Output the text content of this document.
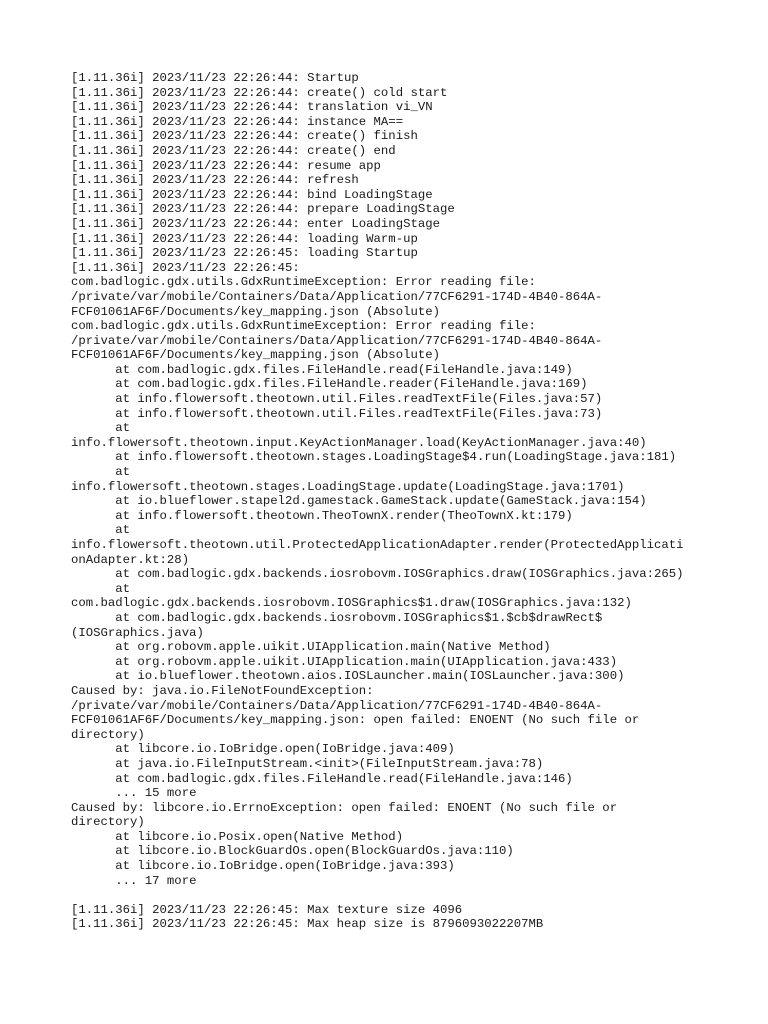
[1.11.36i] 2023/11/23 22:26:44: Startup
[1.11.36i] 2023/11/23 22:26:44: create() cold start
[1.11.36i] 2023/11/23 22:26:44: translation vi_VN
[1.11.36i] 2023/11/23 22:26:44: instance MA==
[1.11.36i] 2023/11/23 22:26:44: create() finish
[1.11.36i] 2023/11/23 22:26:44: create() end
[1.11.36i] 2023/11/23 22:26:44: resume app
[1.11.36i] 2023/11/23 22:26:44: refresh
[1.11.36i] 2023/11/23 22:26:44: bind LoadingStage
[1.11.36i] 2023/11/23 22:26:44: prepare LoadingStage
[1.11.36i] 2023/11/23 22:26:44: enter LoadingStage
[1.11.36i] 2023/11/23 22:26:44: loading Warm-up
[1.11.36i] 2023/11/23 22:26:45: loading Startup
[1.11.36i] 2023/11/23 22:26:45:
com.badlogic.gdx.utils.GdxRuntimeException: Error reading file:
/private/var/mobile/Containers/Data/Application/77CF6291-174D-4B40-864A-
FCF01061AF6F/Documents/key_mapping.json (Absolute)
com.badlogic.gdx.utils.GdxRuntimeException: Error reading file:
/private/var/mobile/Containers/Data/Application/77CF6291-174D-4B40-864A-
FCF01061AF6F/Documents/key_mapping.json (Absolute)
at com.badlogic.gdx.files.FileHandle.read(FileHandle.java:149)
at com.badlogic.gdx.files.FileHandle.reader(FileHandle.java:169)
at info.flowersoft.theotown.util.Files.readTextFile(Files.java:57)
at info.flowersoft.theotown.util.Files.readTextFile(Files.java:73)
at
info.flowersoft.theotown.input.KeyActionManager.load(KeyActionManager.java:40)
at info.flowersoft.theotown.stages.LoadingStage$4.run(LoadingStage.java:181)
at
info.flowersoft.theotown.stages.LoadingStage.update(LoadingStage.java:1701)
at io.blueflower.stapel2d.gamestack.GameStack.update(GameStack.java:154)
at info.flowersoft.theotown.TheoTownX.render(TheoTownX.kt:179)
at
info.flowersoft.theotown.util.ProtectedApplicationAdapter.render(ProtectedApplicati
onAdapter.kt:28)
at com.badlogic.gdx.backends.iosrobovm.IOSGraphics.draw(IOSGraphics.java:265)
at
com.badlogic.gdx.backends.iosrobovm.IOSGraphics$1.draw(IOSGraphics.java:132)
at com.badlogic.gdx.backends.iosrobovm.IOSGraphics$1.$cb$drawRect$
(IOSGraphics.java)
at org.robovm.apple.uikit.UIApplication.main(Native Method)
at org.robovm.apple.uikit.UIApplication.main(UIApplication.java:433)
at io.blueflower.theotown.aios.IOSLauncher.main(IOSLauncher.java:300)
Caused by: java.io.FileNotFoundException:
/private/var/mobile/Containers/Data/Application/77CF6291-174D-4B40-864A-
FCF01061AF6F/Documents/key_mapping.json: open failed: ENOENT (No such file or
directory)
at libcore.io.IoBridge.open(IoBridge.java:409)
at java.io.FileInputStream.<init>(FileInputStream.java:78)
at com.badlogic.gdx.files.FileHandle.read(FileHandle.java:146)
... 15 more
Caused by: libcore.io.ErrnoException: open failed: ENOENT (No such file or
directory)
at libcore.io.Posix.open(Native Method)
at libcore.io.BlockGuardOs.open(BlockGuardOs.java:110)
at libcore.io.IoBridge.open(IoBridge.java:393)
... 17 more
[1.11.36i] 2023/11/23 22:26:45: Max texture size 4096
[1.11.36i] 2023/11/23 22:26:45: Max heap size is 8796093022207MB
